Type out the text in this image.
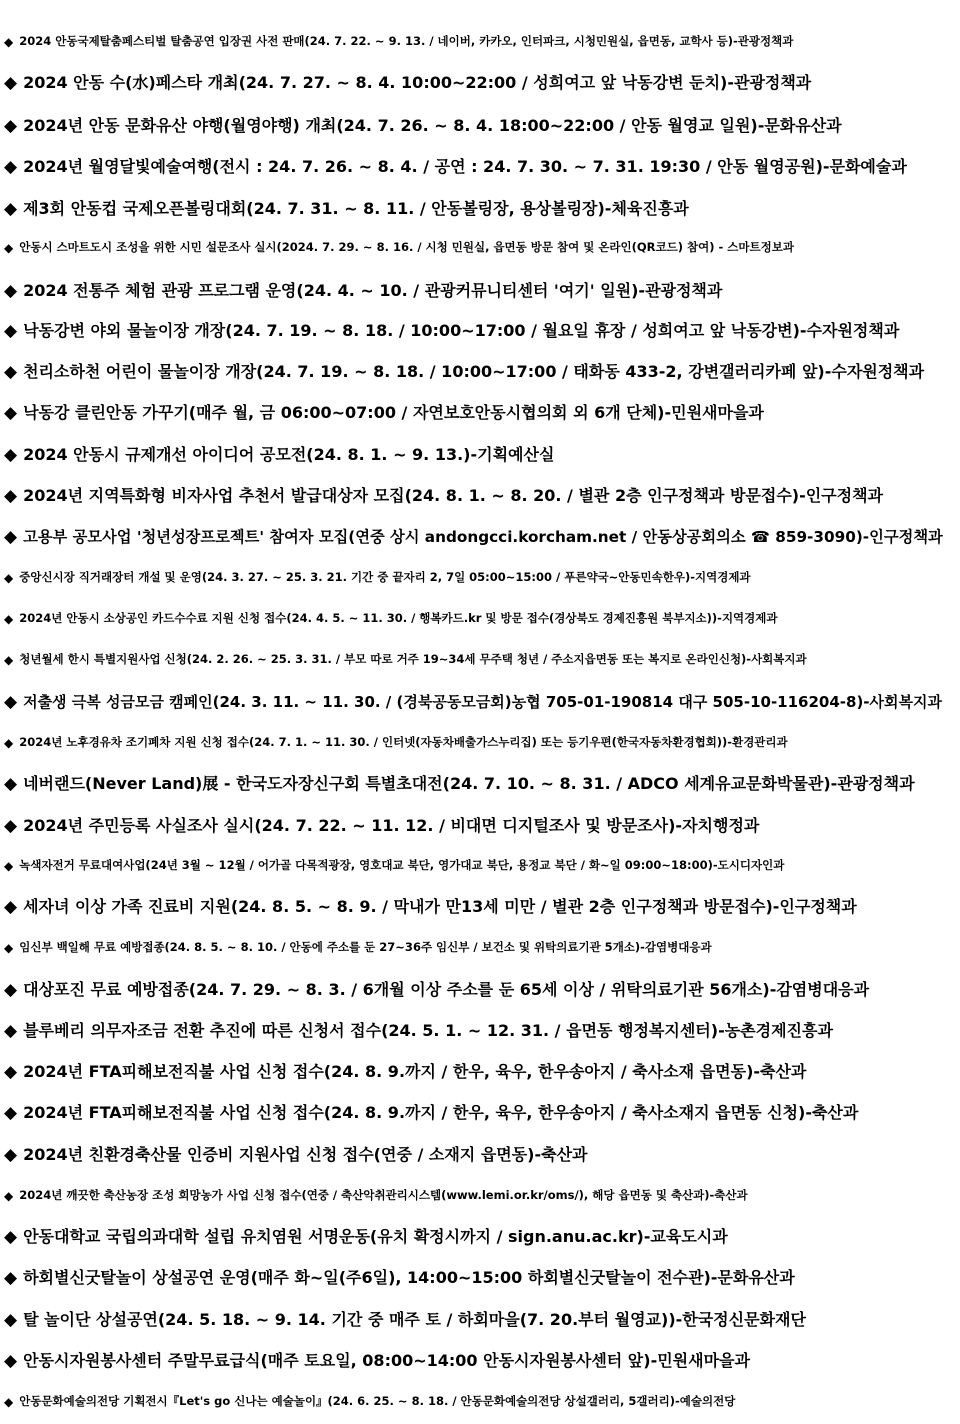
◆ 2024 안동국제탈춤페스티벌 탈춤공연 입장권 사전 판매(24. 7. 22. ~ 9. 13. / 네이버, 카카오, 인터파크, 시청민원실, 읍면동, 교학사 등)-관광정책과
◆ 2024 안동 수(水)페스타 개최(24. 7. 27. ~ 8. 4. 10:00~22:00 / 성희여고 앞 낙동강변 둔치)-관광정책과
◆ 2024년 안동 문화유산 야행(월영야행) 개최(24. 7. 26. ~ 8. 4. 18:00~22:00 / 안동 월영교 일원)-문화유산과
◆ 2024년 월영달빛예술여행(전시 : 24. 7. 26. ~ 8. 4. / 공연 : 24. 7. 30. ~ 7. 31. 19:30 / 안동 월영공원)-문화예술과
◆ 제3회 안동컵 국제오픈볼링대회(24. 7. 31. ~ 8. 11. / 안동볼링장, 용상볼링장)-체육진흥과
◆ 안동시 스마트도시 조성을 위한 시민 설문조사 실시(2024. 7. 29. ~ 8. 16. / 시청 민원실, 읍면동 방문 참여 및 온라인(QR코드) 참여) - 스마트정보과
◆ 2024 전통주 체험 관광 프로그램 운영(24. 4. ~ 10. / 관광커뮤니티센터 '여기' 일원)-관광정책과
◆ 낙동강변 야외 물놀이장 개장(24. 7. 19. ~ 8. 18. / 10:00~17:00 / 월요일 휴장 / 성희여고 앞 낙동강변)-수자원정책과
◆ 천리소하천 어린이 물놀이장 개장(24. 7. 19. ~ 8. 18. / 10:00~17:00 / 태화동 433-2, 강변갤러리카페 앞)-수자원정책과
◆ 낙동강 클린안동 가꾸기(매주 월, 금 06:00~07:00 / 자연보호안동시협의회 외 6개 단체)-민원새마을과
◆ 2024 안동시 규제개선 아이디어 공모전(24. 8. 1. ~ 9. 13.)-기획예산실
◆ 2024년 지역특화형 비자사업 추천서 발급대상자 모집(24. 8. 1. ~ 8. 20. / 별관 2층 인구정책과 방문접수)-인구정책과
◆ 고용부 공모사업 '청년성장프로젝트' 참여자 모집(연중 상시 andongcci.korcham.net / 안동상공회의소 ☎ 859-3090)-인구정책과
◆ 중앙신시장 직거래장터 개설 및 운영(24. 3. 27. ~ 25. 3. 21. 기간 중 끝자리 2, 7일 05:00~15:00 / 푸른약국~안동민속한우)-지역경제과
◆ 2024년 안동시 소상공인 카드수수료 지원 신청 접수(24. 4. 5. ~ 11. 30. / 행복카드.kr 및 방문 접수(경상북도 경제진흥원 북부지소))-지역경제과
◆ 청년월세 한시 특별지원사업 신청(24. 2. 26. ~ 25. 3. 31. / 부모 따로 거주 19~34세 무주택 청년 / 주소지읍면동 또는 복지로 온라인신청)-사회복지과
◆ 저출생 극복 성금모금 캠페인(24. 3. 11. ~ 11. 30. / (경북공동모금회)농협 705-01-190814 대구 505-10-116204-8)-사회복지과
◆ 2024년 노후경유차 조기폐차 지원 신청 접수(24. 7. 1. ~ 11. 30. / 인터넷(자동차배출가스누리집) 또는 등기우편(한국자동차환경협회))-환경관리과
◆ 네버랜드(Never Land)展 - 한국도자장신구회 특별초대전(24. 7. 10. ~ 8. 31. / ADCO 세계유교문화박물관)-관광정책과
◆ 2024년 주민등록 사실조사 실시(24. 7. 22. ~ 11. 12. / 비대면 디지털조사 및 방문조사)-자치행정과
◆ 녹색자전거 무료대여사업(24년 3월 ~ 12월 / 어가골 다목적광장, 영호대교 북단, 영가대교 북단, 용정교 북단 / 화~일 09:00~18:00)-도시디자인과
◆ 세자녀 이상 가족 진료비 지원(24. 8. 5. ~ 8. 9. / 막내가 만13세 미만 / 별관 2층 인구정책과 방문접수)-인구정책과
◆ 임신부 백일해 무료 예방접종(24. 8. 5. ~ 8. 10. / 안동에 주소를 둔 27~36주 임신부 / 보건소 및 위탁의료기관 5개소)-감염병대응과
◆ 대상포진 무료 예방접종(24. 7. 29. ~ 8. 3. / 6개월 이상 주소를 둔 65세 이상 / 위탁의료기관 56개소)-감염병대응과
◆ 블루베리 의무자조금 전환 추진에 따른 신청서 접수(24. 5. 1. ~ 12. 31. / 읍면동 행정복지센터)-농촌경제진흥과
◆ 2024년 FTA피해보전직불 사업 신청 접수(24. 8. 9.까지 / 한우, 육우, 한우송아지 / 축사소재 읍면동)-축산과
◆ 2024년 FTA피해보전직불 사업 신청 접수(24. 8. 9.까지 / 한우, 육우, 한우송아지 / 축사소재지 읍면동 신청)-축산과
◆ 2024년 친환경축산물 인증비 지원사업 신청 접수(연중 / 소재지 읍면동)-축산과
◆ 2024년 깨끗한 축산농장 조성 희망농가 사업 신청 접수(연중 / 축산악취관리시스템(www.lemi.or.kr/oms/), 해당 읍면동 및 축산과)-축산과
◆ 안동대학교 국립의과대학 설립 유치염원 서명운동(유치 확정시까지 / sign.anu.ac.kr)-교육도시과
◆ 하회별신굿탈놀이 상설공연 운영(매주 화~일(주6일), 14:00~15:00 하회별신굿탈놀이 전수관)-문화유산과
◆ 탈 놀이단 상설공연(24. 5. 18. ~ 9. 14. 기간 중 매주 토 / 하회마을(7. 20.부터 월영교))-한국정신문화재단
◆ 안동시자원봉사센터 주말무료급식(매주 토요일, 08:00~14:00 안동시자원봉사센터 앞)-민원새마을과
◆ 안동문화예술의전당 기획전시『Let's go 신나는 예술놀이』(24. 6. 25. ~ 8. 18. / 안동문화예술의전당 상설갤러리, 5갤러리)-예술의전당
